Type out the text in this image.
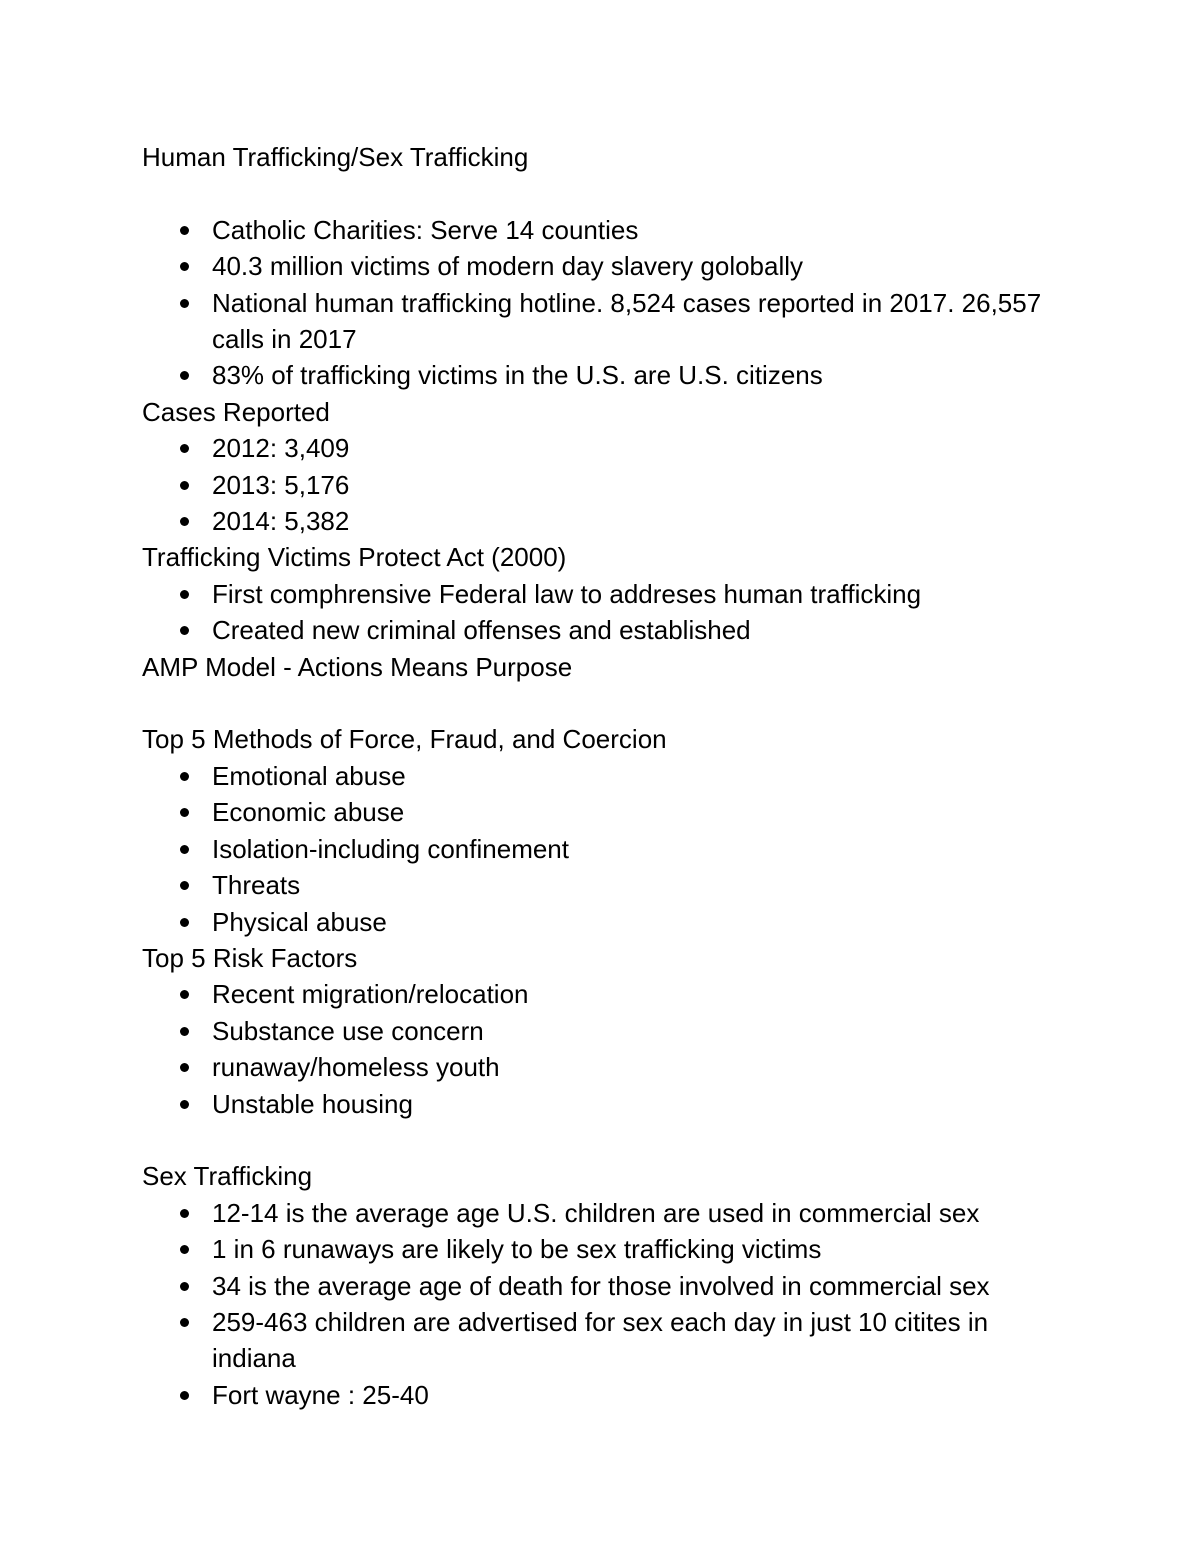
Human Trafficking/Sex Trafficking

Catholic Charities: Serve 14 counties
40.3 million victims of modern day slavery golobally
National human trafficking hotline. 8,524 cases reported in 2017. 26,557 calls in 2017
83% of trafficking victims in the U.S. are U.S. citizens

Cases Reported

2012: 3,409
2013: 5,176
2014: 5,382

Trafficking Victims Protect Act (2000)

First comphrensive Federal law to addreses human trafficking
Created new criminal offenses and established

AMP Model - Actions Means Purpose

Top 5 Methods of Force, Fraud, and Coercion

Emotional abuse
Economic abuse
Isolation-including confinement
Threats
Physical abuse

Top 5 Risk Factors

Recent migration/relocation
Substance use concern
runaway/homeless youth
Unstable housing

Sex Trafficking

12-14 is the average age U.S. children are used in commercial sex
1 in 6 runaways are likely to be sex trafficking victims
34 is the average age of death for those involved in commercial sex
259-463 children are advertised for sex each day in just 10 citites in indiana
Fort wayne : 25-40
